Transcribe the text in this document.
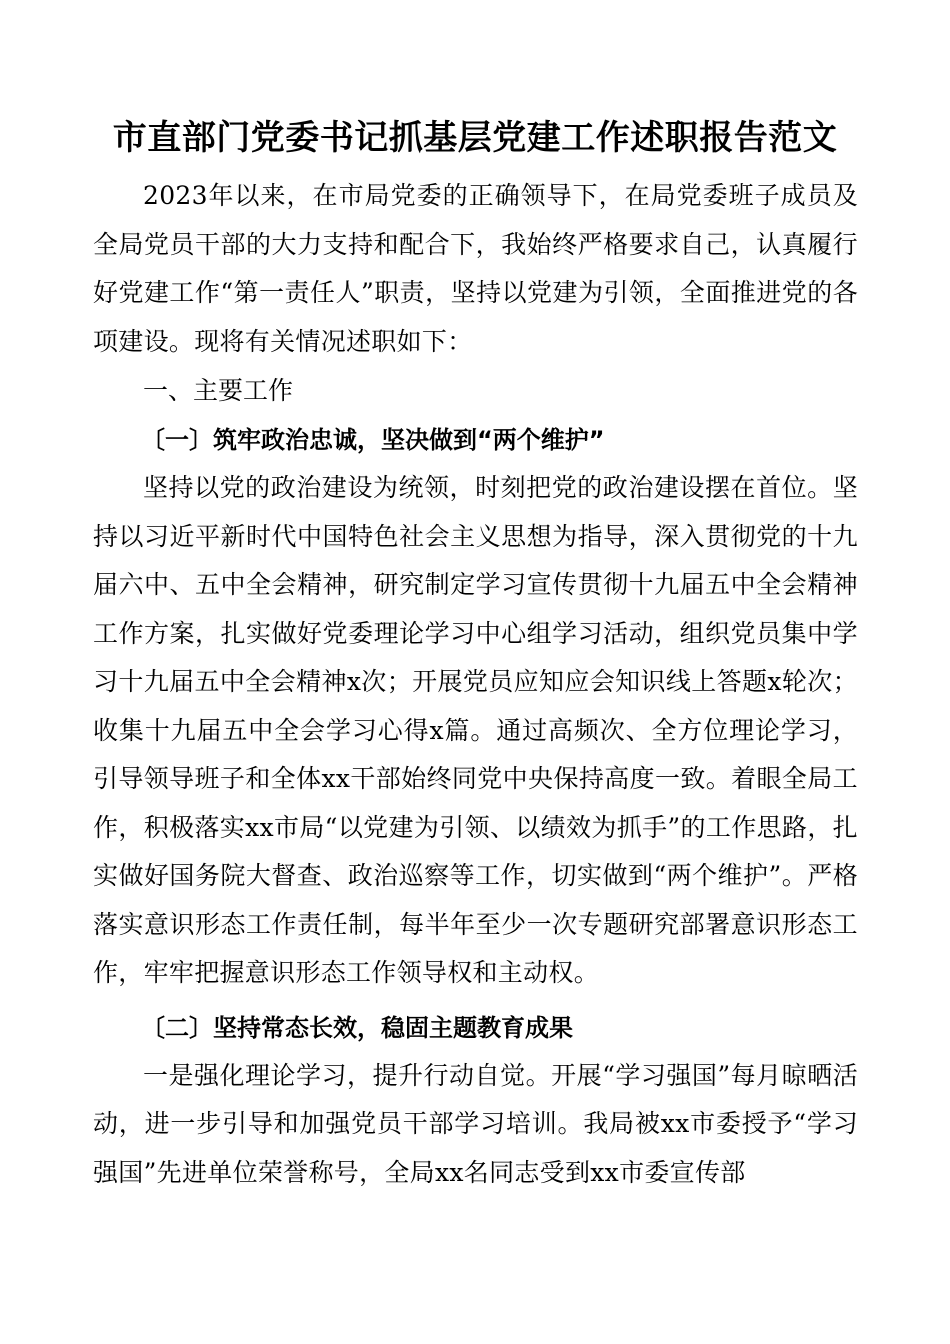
市直部门党委书记抓基层党建工作述职报告范文

2023年以来，在市局党委的正确领导下，在局党委班子成员及全局党员干部的大力支持和配合下，我始终严格要求自己，认真履行好党建工作“第一责任人”职责，坚持以党建为引领，全面推进党的各项建设。现将有关情况述职如下：

一、主要工作

〔一〕筑牢政治忠诚，坚决做到“两个维护”

坚持以党的政治建设为统领，时刻把党的政治建设摆在首位。坚持以习近平新时代中国特色社会主义思想为指导，深入贯彻党的十九届六中、五中全会精神，研究制定学习宣传贯彻十九届五中全会精神工作方案，扎实做好党委理论学习中心组学习活动，组织党员集中学习十九届五中全会精神x次；开展党员应知应会知识线上答题x轮次；收集十九届五中全会学习心得x篇。通过高频次、全方位理论学习，引导领导班子和全体xx干部始终同党中央保持高度一致。着眼全局工作，积极落实xx市局“以党建为引领、以绩效为抓手”的工作思路，扎实做好国务院大督查、政治巡察等工作，切实做到“两个维护”。严格落实意识形态工作责任制，每半年至少一次专题研究部署意识形态工作，牢牢把握意识形态工作领导权和主动权。

〔二〕坚持常态长效，稳固主题教育成果

一是强化理论学习，提升行动自觉。开展“学习强国”每月晾晒活动，进一步引导和加强党员干部学习培训。我局被xx市委授予“学习强国”先进单位荣誉称号，全局xx名同志受到xx市委宣传部
